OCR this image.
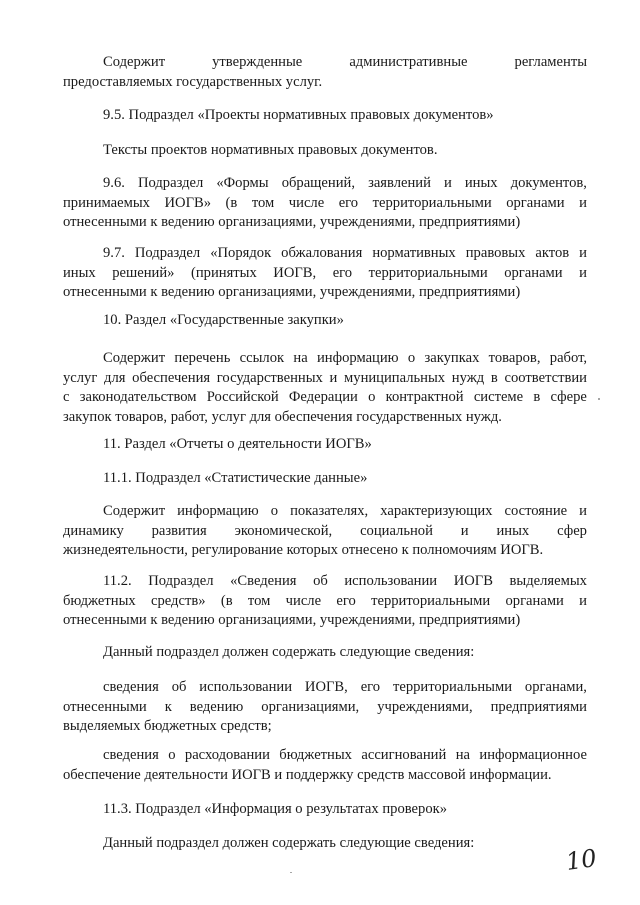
Содержит	утвержденные	административные	регламенты
предоставляемых государственных услуг.
9.5. Подраздел «Проекты нормативных правовых документов»
Тексты проектов нормативных правовых документов.
9.6. Подраздел «Формы обращений, заявлений и иных документов,
принимаемых ИОГВ» (в том числе его территориальными органами и
отнесенными к ведению организациями, учреждениями, предприятиями)
9.7. Подраздел «Порядок обжалования нормативных правовых актов и
иных решений» (принятых ИОГВ, его территориальными органами и
отнесенными к ведению организациями, учреждениями, предприятиями)
10. Раздел «Государственные закупки»
Содержит перечень ссылок на информацию о закупках товаров, работ,
услуг для обеспечения государственных и муниципальных нужд в соответствии
с законодательством Российской Федерации о контрактной системе в сфере
закупок товаров, работ, услуг для обеспечения государственных нужд.
11. Раздел «Отчеты о деятельности ИОГВ»
11.1. Подраздел «Статистические данные»
Содержит информацию о показателях, характеризующих состояние и
динамику развития экономической, социальной и иных сфер
жизнедеятельности, регулирование которых отнесено к полномочиям ИОГВ.
11.2. Подраздел «Сведения об использовании ИОГВ выделяемых
бюджетных средств» (в том числе его территориальными органами и
отнесенными к ведению организациями, учреждениями, предприятиями)
Данный подраздел должен содержать следующие сведения:
сведения об использовании ИОГВ, его территориальными органами,
отнесенными к ведению организациями, учреждениями, предприятиями
выделяемых бюджетных средств;
сведения о расходовании бюджетных ассигнований на информационное
обеспечение деятельности ИОГВ и поддержку средств массовой информации.
11.3. Подраздел «Информация о результатах проверок»
Данный подраздел должен содержать следующие сведения:
10
